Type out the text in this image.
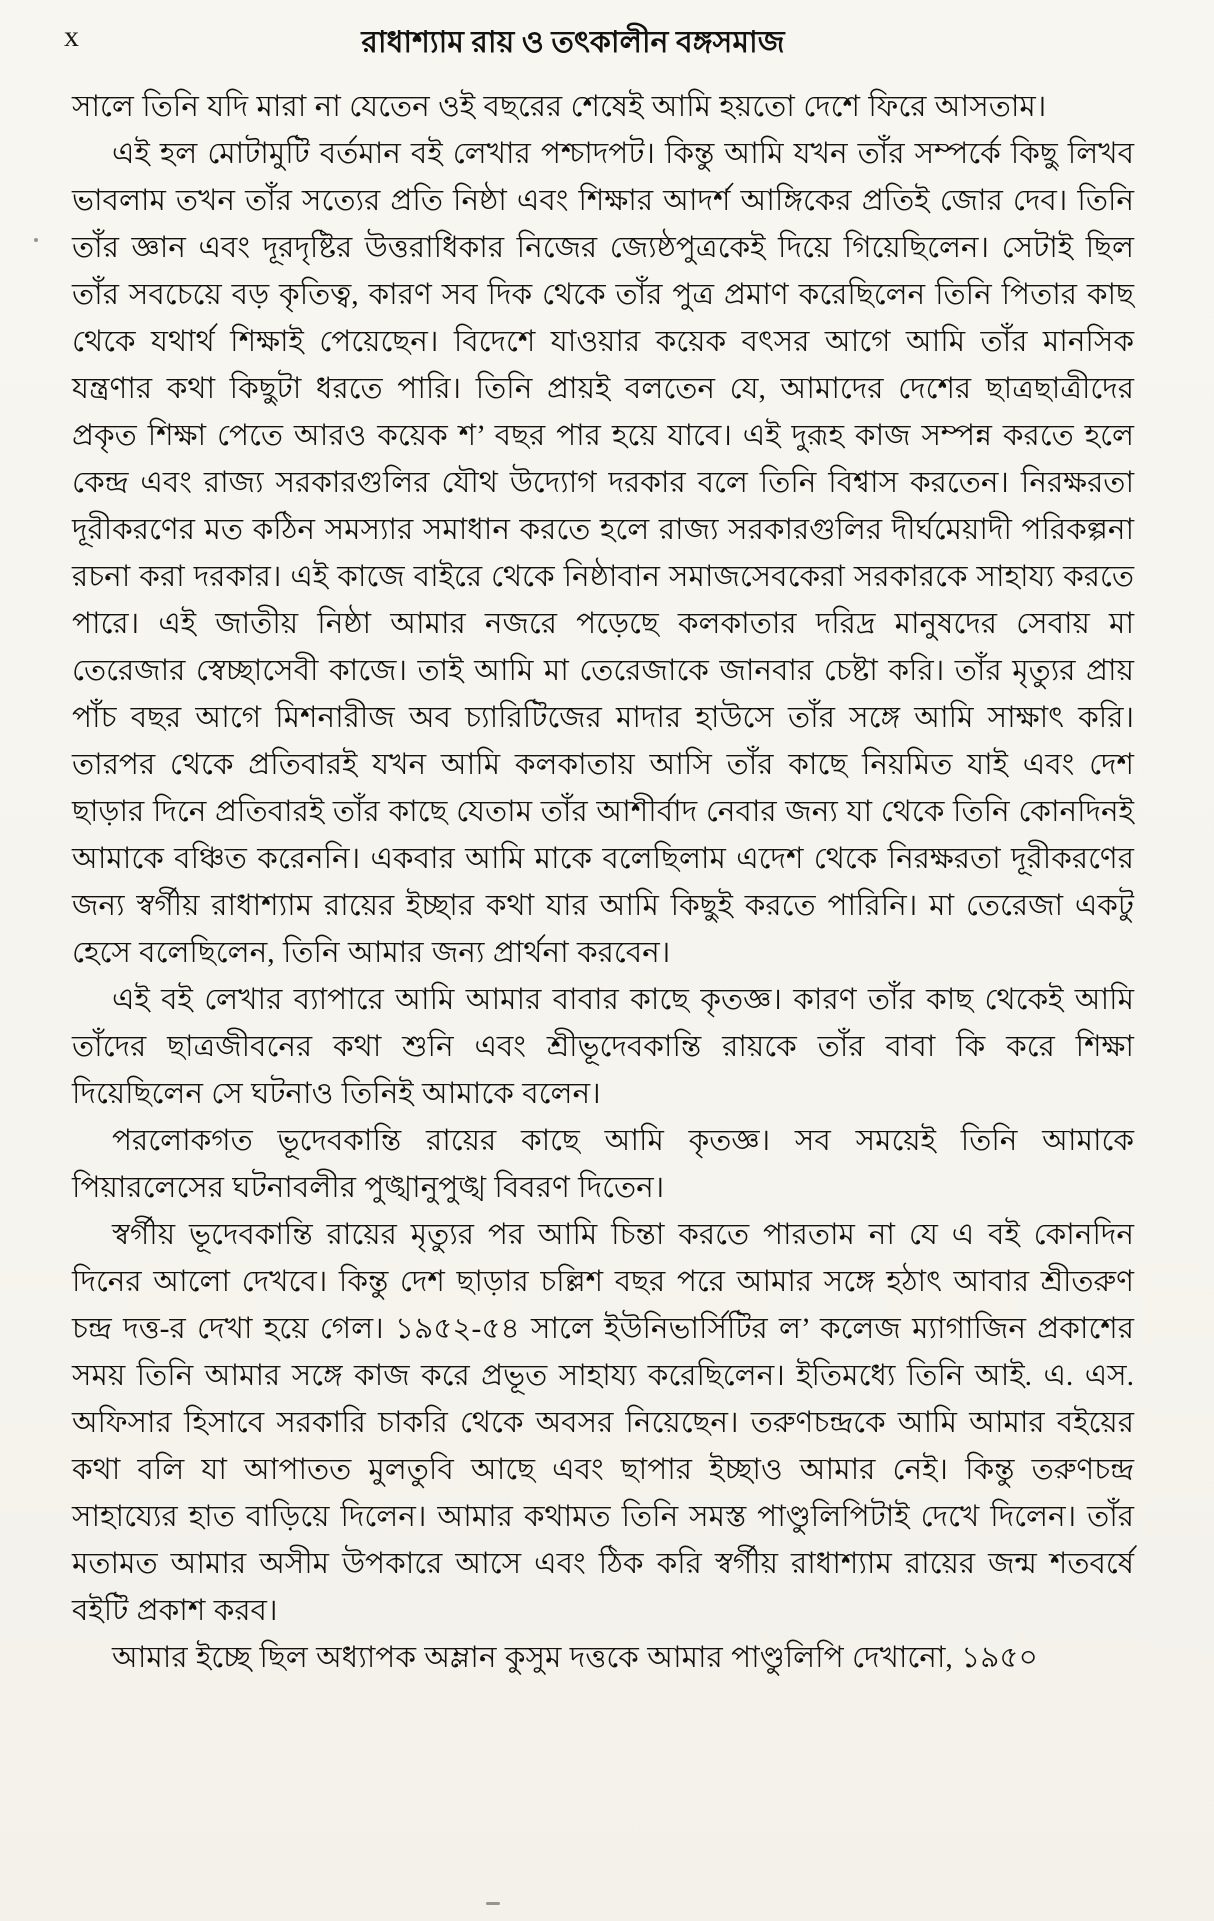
x	রাধাশ্যাম রায় ও তৎকালীন বঙ্গসমাজ

সালে তিনি যদি মারা না যেতেন ওই বছরের শেষেই আমি হয়তো দেশে ফিরে আসতাম।

এই হল মোটামুটি বর্তমান বই লেখার পশ্চাদপট। কিন্তু আমি যখন তাঁর সম্পর্কে কিছু লিখব ভাবলাম তখন তাঁর সত্যের প্রতি নিষ্ঠা এবং শিক্ষার আদর্শ আঙ্গিকের প্রতিই জোর দেব। তিনি তাঁর জ্ঞান এবং দূরদৃষ্টির উত্তরাধিকার নিজের জ্যেষ্ঠপুত্রকেই দিয়ে গিয়েছিলেন। সেটাই ছিল তাঁর সবচেয়ে বড় কৃতিত্ব, কারণ সব দিক থেকে তাঁর পুত্র প্রমাণ করেছিলেন তিনি পিতার কাছ থেকে যথার্থ শিক্ষাই পেয়েছেন। বিদেশে যাওয়ার কয়েক বৎসর আগে আমি তাঁর মানসিক যন্ত্রণার কথা কিছুটা ধরতে পারি। তিনি প্রায়ই বলতেন যে, আমাদের দেশের ছাত্রছাত্রীদের প্রকৃত শিক্ষা পেতে আরও কয়েক শ’ বছর পার হয়ে যাবে। এই দুরূহ কাজ সম্পন্ন করতে হলে কেন্দ্র এবং রাজ্য সরকারগুলির যৌথ উদ্যোগ দরকার বলে তিনি বিশ্বাস করতেন। নিরক্ষরতা দূরীকরণের মত কঠিন সমস্যার সমাধান করতে হলে রাজ্য সরকারগুলির দীর্ঘমেয়াদী পরিকল্পনা রচনা করা দরকার। এই কাজে বাইরে থেকে নিষ্ঠাবান সমাজসেবকেরা সরকারকে সাহায্য করতে পারে। এই জাতীয় নিষ্ঠা আমার নজরে পড়েছে কলকাতার দরিদ্র মানুষদের সেবায় মা তেরেজার স্বেচ্ছাসেবী কাজে। তাই আমি মা তেরেজাকে জানবার চেষ্টা করি। তাঁর মৃত্যুর প্রায় পাঁচ বছর আগে মিশনারীজ অব চ্যারিটিজের মাদার হাউসে তাঁর সঙ্গে আমি সাক্ষাৎ করি। তারপর থেকে প্রতিবারই যখন আমি কলকাতায় আসি তাঁর কাছে নিয়মিত যাই এবং দেশ ছাড়ার দিনে প্রতিবারই তাঁর কাছে যেতাম তাঁর আশীর্বাদ নেবার জন্য যা থেকে তিনি কোনদিনই আমাকে বঞ্চিত করেননি। একবার আমি মাকে বলেছিলাম এদেশ থেকে নিরক্ষরতা দূরীকরণের জন্য স্বর্গীয় রাধাশ্যাম রায়ের ইচ্ছার কথা যার আমি কিছুই করতে পারিনি। মা তেরেজা একটু হেসে বলেছিলেন, তিনি আমার জন্য প্রার্থনা করবেন।

এই বই লেখার ব্যাপারে আমি আমার বাবার কাছে কৃতজ্ঞ। কারণ তাঁর কাছ থেকেই আমি তাঁদের ছাত্রজীবনের কথা শুনি এবং শ্রীভূদেবকান্তি রায়কে তাঁর বাবা কি করে শিক্ষা দিয়েছিলেন সে ঘটনাও তিনিই আমাকে বলেন।

পরলোকগত ভূদেবকান্তি রায়ের কাছে আমি কৃতজ্ঞ। সব সময়েই তিনি আমাকে পিয়ারলেসের ঘটনাবলীর পুঙ্খানুপুঙ্খ বিবরণ দিতেন।

স্বর্গীয় ভূদেবকান্তি রায়ের মৃত্যুর পর আমি চিন্তা করতে পারতাম না যে এ বই কোনদিন দিনের আলো দেখবে। কিন্তু দেশ ছাড়ার চল্লিশ বছর পরে আমার সঙ্গে হঠাৎ আবার শ্রীতরুণ চন্দ্র দত্ত-র দেখা হয়ে গেল। ১৯৫২-৫৪ সালে ইউনিভার্সিটির ল’ কলেজ ম্যাগাজিন প্রকাশের সময় তিনি আমার সঙ্গে কাজ করে প্রভূত সাহায্য করেছিলেন। ইতিমধ্যে তিনি আই. এ. এস. অফিসার হিসাবে সরকারি চাকরি থেকে অবসর নিয়েছেন। তরুণচন্দ্রকে আমি আমার বইয়ের কথা বলি যা আপাতত মুলতুবি আছে এবং ছাপার ইচ্ছাও আমার নেই। কিন্তু তরুণচন্দ্র সাহায্যের হাত বাড়িয়ে দিলেন। আমার কথামত তিনি সমস্ত পাণ্ডুলিপিটাই দেখে দিলেন। তাঁর মতামত আমার অসীম উপকারে আসে এবং ঠিক করি স্বর্গীয় রাধাশ্যাম রায়ের জন্ম শতবর্ষে বইটি প্রকাশ করব।

আমার ইচ্ছে ছিল অধ্যাপক অম্লান কুসুম দত্তকে আমার পাণ্ডুলিপি দেখানো, ১৯৫০
